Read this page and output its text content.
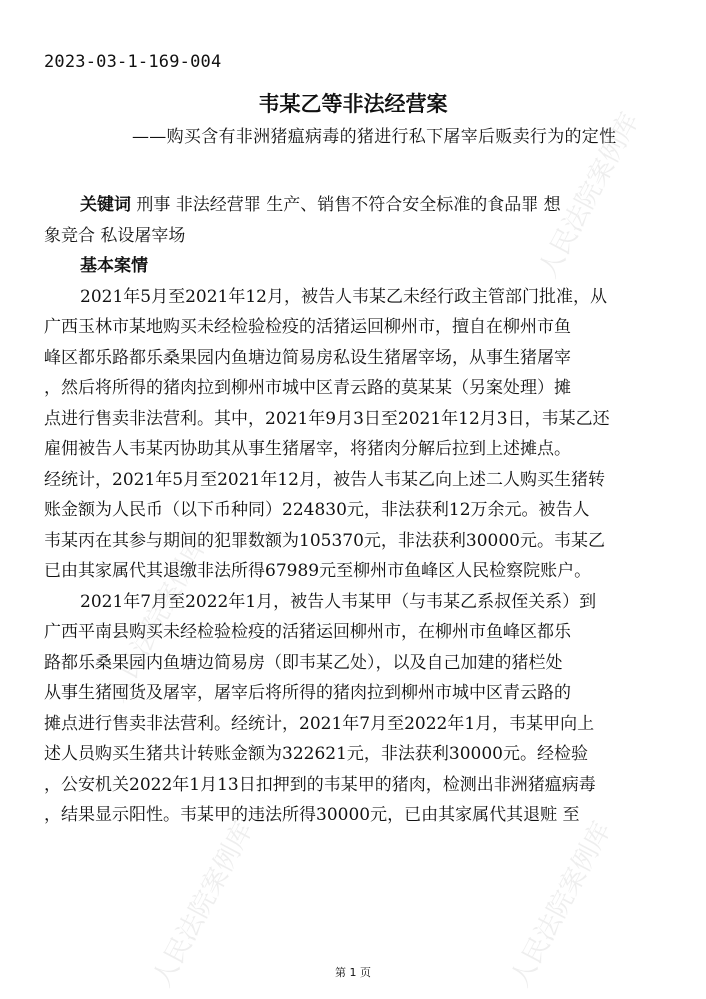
人民法院案例库
人民法院案例库
人民法院案例库	人民法院案例库
2023-03-1-169-004
韦某乙等非法经营案
——购买含有非洲猪瘟病毒的猪进行私下屠宰后贩卖行为的定性
关键词 刑事 非法经营罪 生产、销售不符合安全标准的食品罪 想
象竞合 私设屠宰场
基本案情
2021年5月至2021年12月，被告人韦某乙未经行政主管部门批准，从
广西玉林市某地购买未经检验检疫的活猪运回柳州市，擅自在柳州市鱼
峰区都乐路都乐桑果园内鱼塘边简易房私设生猪屠宰场，从事生猪屠宰
，然后将所得的猪肉拉到柳州市城中区青云路的莫某某（另案处理）摊
点进行售卖非法营利。其中，2021年9月3日至2021年12月3日，韦某乙还
雇佣被告人韦某丙协助其从事生猪屠宰，将猪肉分解后拉到上述摊点。
经统计，2021年5月至2021年12月，被告人韦某乙向上述二人购买生猪转
账金额为人民币（以下币种同）224830元，非法获利12万余元。被告人
韦某丙在其参与期间的犯罪数额为105370元，非法获利30000元。韦某乙
已由其家属代其退缴非法所得67989元至柳州市鱼峰区人民检察院账户。
2021年7月至2022年1月，被告人韦某甲（与韦某乙系叔侄关系）到
广西平南县购买未经检验检疫的活猪运回柳州市，在柳州市鱼峰区都乐
路都乐桑果园内鱼塘边简易房（即韦某乙处），以及自己加建的猪栏处
从事生猪囤货及屠宰，屠宰后将所得的猪肉拉到柳州市城中区青云路的
摊点进行售卖非法营利。经统计，2021年7月至2022年1月，韦某甲向上
述人员购买生猪共计转账金额为322621元，非法获利30000元。经检验
，公安机关2022年1月13日扣押到的韦某甲的猪肉，检测出非洲猪瘟病毒
，结果显示阳性。韦某甲的违法所得30000元，已由其家属代其退赃 至
第 1 页
